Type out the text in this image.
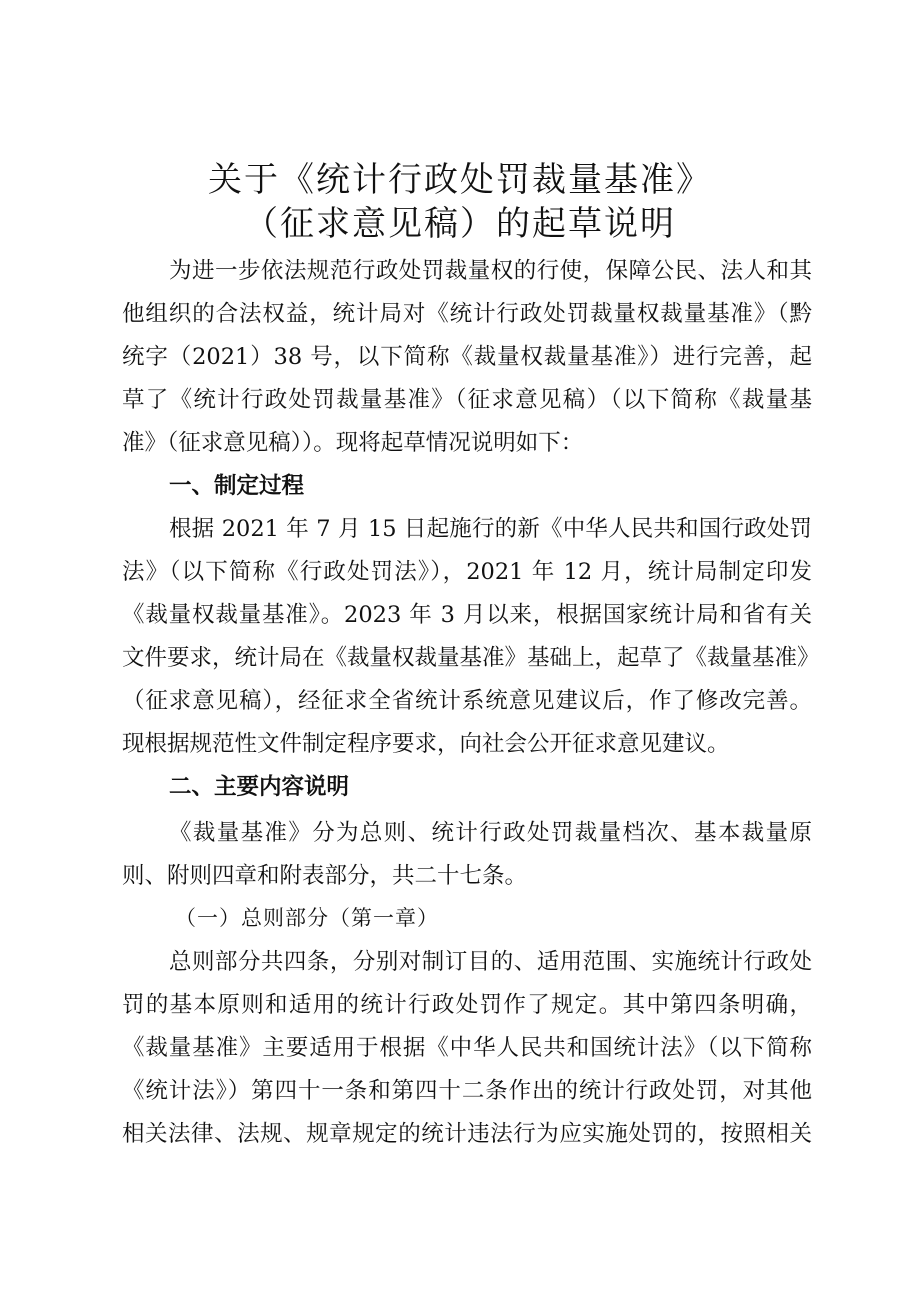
关于《统计行政处罚裁量基准》
（征求意见稿）的起草说明
为进一步依法规范行政处罚裁量权的行使，保障公民、法人和其
他组织的合法权益，统计局对《统计行政处罚裁量权裁量基准》（黔
统字（2021）38 号，以下简称《裁量权裁量基准》）进行完善，起
草了《统计行政处罚裁量基准》（征求意见稿）（以下简称《裁量基
准》（征求意见稿））。现将起草情况说明如下：
一、制定过程
根据 2021 年 7 月 15 日起施行的新《中华人民共和国行政处罚
法》（以下简称《行政处罚法》），2021 年 12 月，统计局制定印发
《裁量权裁量基准》。2023 年 3 月以来，根据国家统计局和省有关
文件要求，统计局在《裁量权裁量基准》基础上，起草了《裁量基准》
（征求意见稿），经征求全省统计系统意见建议后，作了修改完善。
现根据规范性文件制定程序要求，向社会公开征求意见建议。
二、主要内容说明
《裁量基准》分为总则、统计行政处罚裁量档次、基本裁量原
则、附则四章和附表部分，共二十七条。
（一）总则部分（第一章）
总则部分共四条，分别对制订目的、适用范围、实施统计行政处
罚的基本原则和适用的统计行政处罚作了规定。其中第四条明确，
《裁量基准》主要适用于根据《中华人民共和国统计法》（以下简称
《统计法》）第四十一条和第四十二条作出的统计行政处罚，对其他
相关法律、法规、规章规定的统计违法行为应实施处罚的，按照相关
